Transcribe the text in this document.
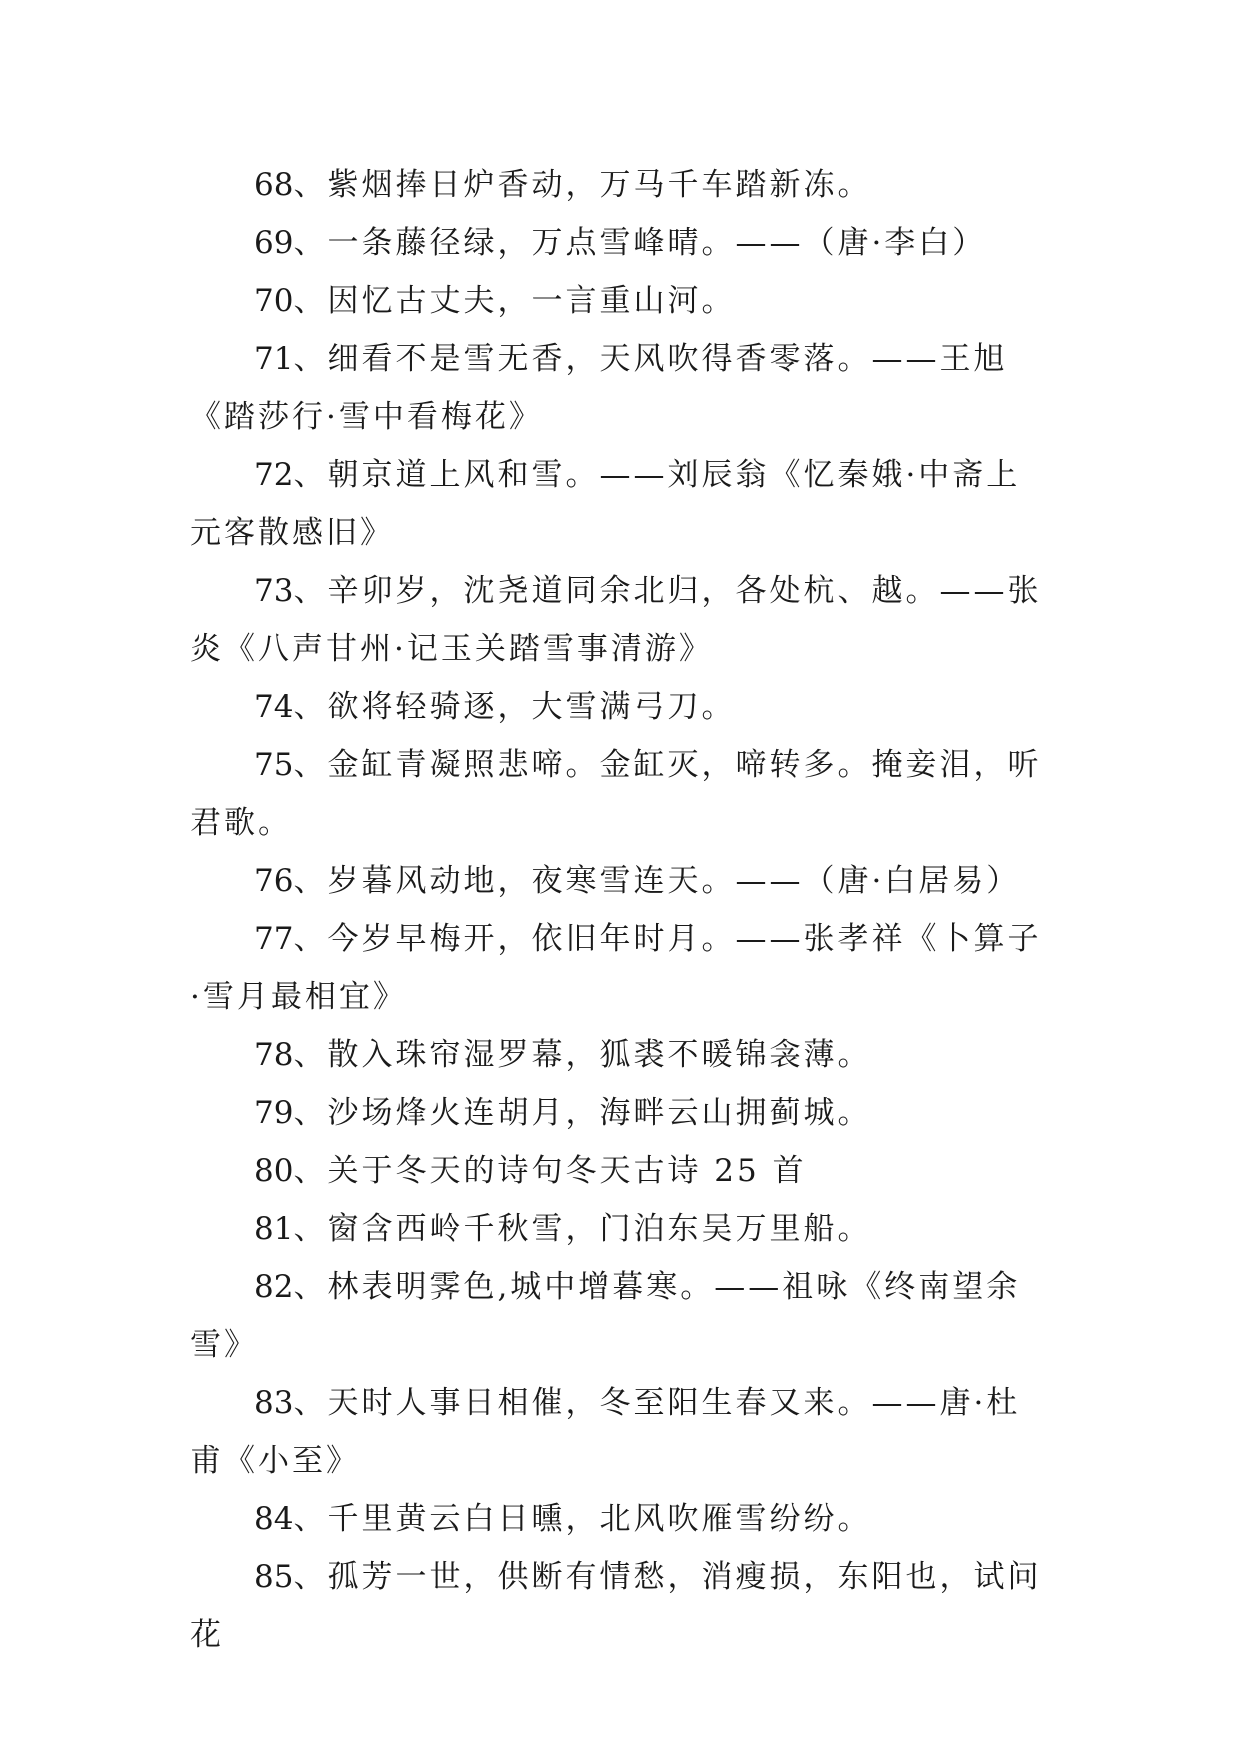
68、紫烟捧日炉香动，万马千车踏新冻。

69、一条藤径绿，万点雪峰晴。——（唐·李白）

70、因忆古丈夫，一言重山河。

71、细看不是雪无香，天风吹得香零落。——王旭《踏莎行·雪中看梅花》

72、朝京道上风和雪。——刘辰翁《忆秦娥·中斋上元客散感旧》

73、辛卯岁，沈尧道同余北归，各处杭、越。——张炎《八声甘州·记玉关踏雪事清游》

74、欲将轻骑逐，大雪满弓刀。

75、金缸青凝照悲啼。金缸灭，啼转多。掩妾泪，听君歌。

76、岁暮风动地，夜寒雪连天。——（唐·白居易）

77、今岁早梅开，依旧年时月。——张孝祥《卜算子·雪月最相宜》

78、散入珠帘湿罗幕，狐裘不暖锦衾薄。

79、沙场烽火连胡月，海畔云山拥蓟城。

80、关于冬天的诗句冬天古诗 25 首

81、窗含西岭千秋雪，门泊东吴万里船。

82、林表明霁色,城中增暮寒。——祖咏《终南望余雪》

83、天时人事日相催，冬至阳生春又来。——唐·杜甫《小至》

84、千里黄云白日曛，北风吹雁雪纷纷。

85、孤芳一世，供断有情愁，消瘦损，东阳也，试问花
